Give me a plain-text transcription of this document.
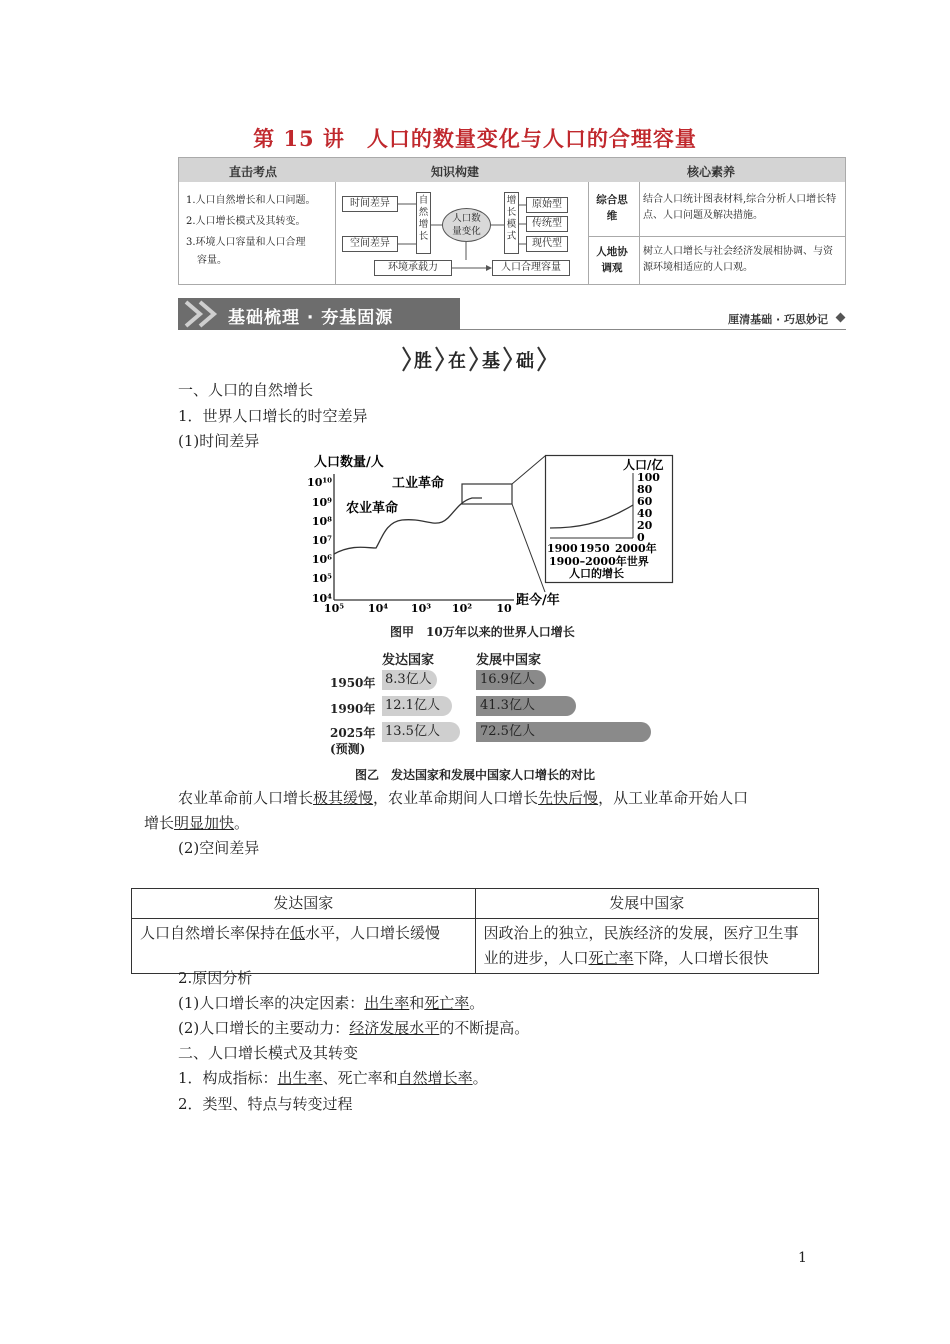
第 15 讲　人口的数量变化与人口的合理容量
直击考点	知识构建	核心素养
1.人口自然增长和人口问题。
2.人口增长模式及其转变。
3.环境人口容量和人口合理
容量。
时间差异
空间差异
自然增长
人口数量变化
增长模式
原始型
传统型
现代型
环境承载力	人口合理容量
综合思维
结合人口统计图表材料,综合分析人口增长特点、人口问题及解决措施。
人地协调观
树立人口增长与社会经济发展相协调、与资源环境相适应的人口观。
基础梳理 · 夯基固源	厘清基础 · 巧思妙记
胜 在 基 础
一、人口的自然增长
1．世界人口增长的时空差异
(1)时间差异
人口数量/人
10¹⁰
10⁹
10⁸
10⁷
10⁶
10⁵
10⁴
10⁵ 10⁴ 10³ 10² 10
距今/年
农业革命
工业革命
人口/亿
100
80
60
40
20
0
1900 1950 2000年
1900–2000年世界
人口的增长
图甲　10万年以来的世界人口增长
发达国家	发展中国家
1950年
1990年
2025年
(预测)
8.3亿人	16.9亿人
12.1亿人	41.3亿人
13.5亿人	72.5亿人
图乙　发达国家和发展中国家人口增长的对比
农业革命前人口增长极其缓慢，农业革命期间人口增长先快后慢，从工业革命开始人口
增长明显加快。
(2)空间差异
发达国家	发展中国家
人口自然增长率保持在低水平，人口增长缓慢	因政治上的独立，民族经济的发展，医疗卫生事业的进步，人口死亡率下降，人口增长很快
2.原因分析
(1)人口增长率的决定因素：出生率和死亡率。
(2)人口增长的主要动力：经济发展水平的不断提高。
二、人口增长模式及其转变
1．构成指标：出生率、死亡率和自然增长率。
2．类型、特点与转变过程
1
